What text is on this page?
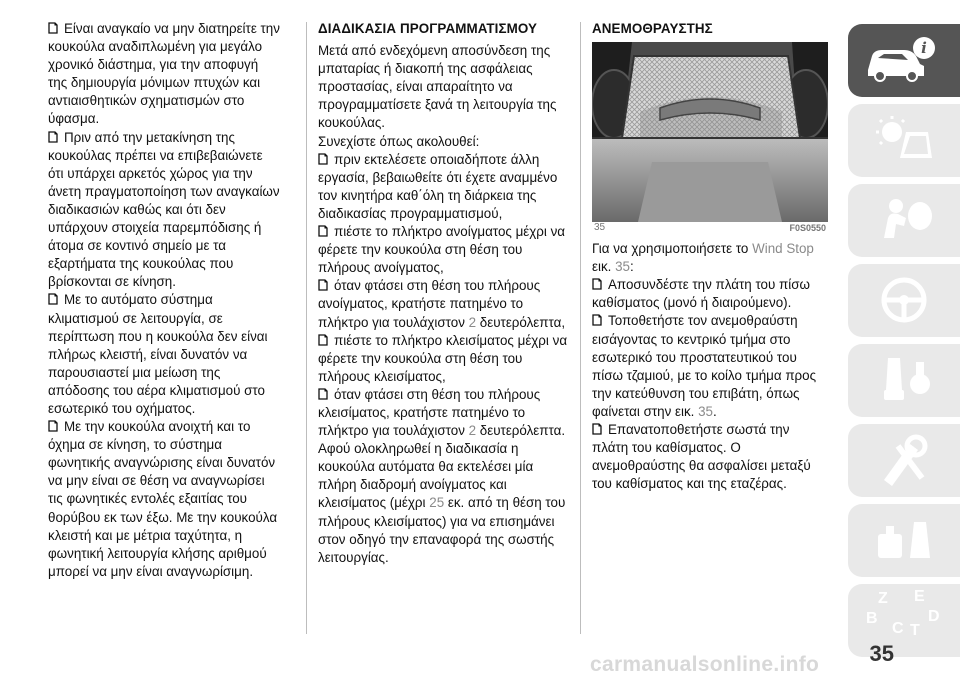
Είναι αναγκαίο να μην διατηρείτε την κουκούλα αναδιπλωμένη για μεγάλο χρονικό διάστημα, για την αποφυγή της δημιουργία μόνιμων πτυχών και αντιαισθητικών σχηματισμών στο ύφασμα.

Πριν από την μετακίνηση της κουκούλας πρέπει να επιβεβαιώνετε ότι υπάρχει αρκετός χώρος για την άνετη πραγματοποίηση των αναγκαίων διαδικασιών καθώς και ότι δεν υπάρχουν στοιχεία παρεμπόδισης ή άτομα σε κοντινό σημείο με τα εξαρτήματα της κουκούλας που βρίσκονται σε κίνηση.

Με το αυτόματο σύστημα κλιματισμού σε λειτουργία, σε περίπτωση που η κουκούλα δεν είναι πλήρως κλειστή, είναι δυνατόν να παρουσιαστεί μια μείωση της απόδοσης του αέρα κλιματισμού στο εσωτερικό του οχήματος.

Με την κουκούλα ανοιχτή και το όχημα σε κίνηση, το σύστημα φωνητικής αναγνώρισης είναι δυνατόν να μην είναι σε θέση να αναγνωρίσει τις φωνητικές εντολές εξαιτίας του θορύβου εκ των έξω. Με την κουκούλα κλειστή και με μέτρια ταχύτητα, η φωνητική λειτουργία κλήσης αριθμού μπορεί να μην είναι αναγνωρίσιμη.

ΔΙΑΔΙΚΑΣΙΑ ΠΡΟΓΡΑΜΜΑΤΙΣΜΟΥ

Μετά από ενδεχόμενη αποσύνδεση της μπαταρίας ή διακοπή της ασφάλειας προστασίας, είναι απαραίτητο να προγραμματίσετε ξανά τη λειτουργία της κουκούλας.

Συνεχίστε όπως ακολουθεί:

πριν εκτελέσετε οποιαδήποτε άλλη εργασία, βεβαιωθείτε ότι έχετε αναμμένο τον κινητήρα καθ΄όλη τη διάρκεια της διαδικασίας προγραμματισμού,

πιέστε το πλήκτρο ανοίγματος μέχρι να φέρετε την κουκούλα στη θέση του πλήρους ανοίγματος,

όταν φτάσει στη θέση του πλήρους ανοίγματος, κρατήστε πατημένο το πλήκτρο για τουλάχιστον 2 δευτερόλεπτα,

πιέστε το πλήκτρο κλεισίματος μέχρι να φέρετε την κουκούλα στη θέση του πλήρους κλεισίματος,

όταν φτάσει στη θέση του πλήρους κλεισίματος, κρατήστε πατημένο το πλήκτρο για τουλάχιστον 2 δευτερόλεπτα.

Αφού ολοκληρωθεί η διαδικασία η κουκούλα αυτόματα θα εκτελέσει μία πλήρη διαδρομή ανοίγματος και κλεισίματος (μέχρι 25 εκ. από τη θέση του πλήρους κλεισίματος) για να επισημάνει στον οδηγό την επαναφορά της σωστής λειτουργίας.

ΑΝΕΜΟΘΡΑΥΣΤΗΣ

35	F0S0550

Για να χρησιμοποιήσετε το Wind Stop εικ. 35:

Αποσυνδέστε την πλάτη του πίσω καθίσματος (μονό ή διαιρούμενο).

Τοποθετήστε τον ανεμοθραύστη εισάγοντας το κεντρικό τμήμα στο εσωτερικό του προστατευτικού του πίσω τζαμιού, με το κοίλο τμήμα προς την κατεύθυνση του επιβάτη, όπως φαίνεται στην εικ. 35.

Επανατοποθετήστε σωστά την πλάτη του καθίσματος. Ο ανεμοθραύστης θα ασφαλίσει μεταξύ του καθίσματος και της εταζέρας.

i
Z E
B
C T
D
35
carmanualsonline.info
